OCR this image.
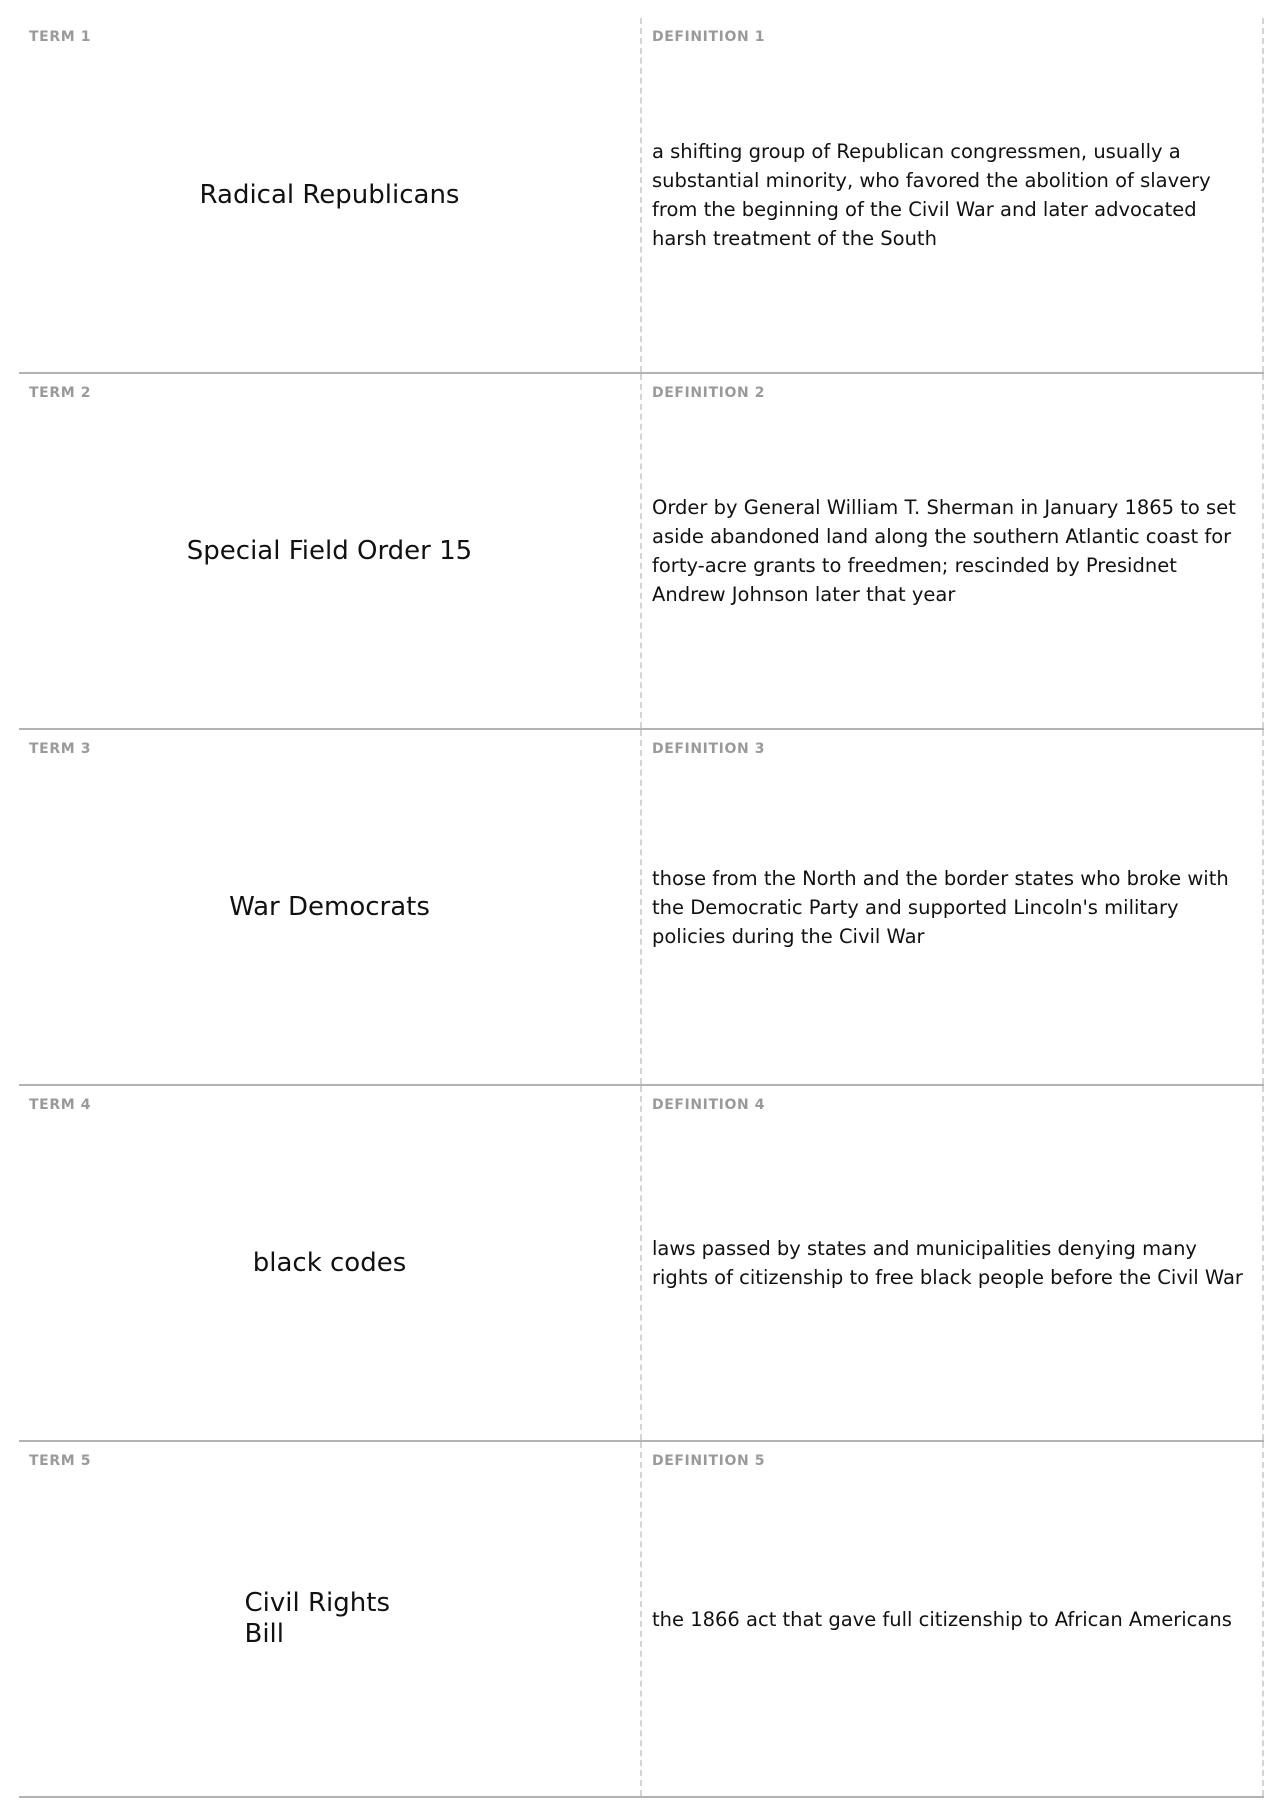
TERM 1
Radical Republicans
DEFINITION 1
a shifting group of Republican congressmen, usually a substantial minority, who favored the abolition of slavery from the beginning of the Civil War and later advocated harsh treatment of the South
TERM 2
Special Field Order 15
DEFINITION 2
Order by General William T. Sherman in January 1865 to set aside abandoned land along the southern Atlantic coast for forty-acre grants to freedmen; rescinded by Presidnet Andrew Johnson later that year
TERM 3
War Democrats
DEFINITION 3
those from the North and the border states who broke with the Democratic Party and supported Lincoln's military policies during the Civil War
TERM 4
black codes
DEFINITION 4
laws passed by states and municipalities denying many rights of citizenship to free black people before the Civil War
TERM 5
Civil Rights Bill
DEFINITION 5
the 1866 act that gave full citizenship to African Americans
